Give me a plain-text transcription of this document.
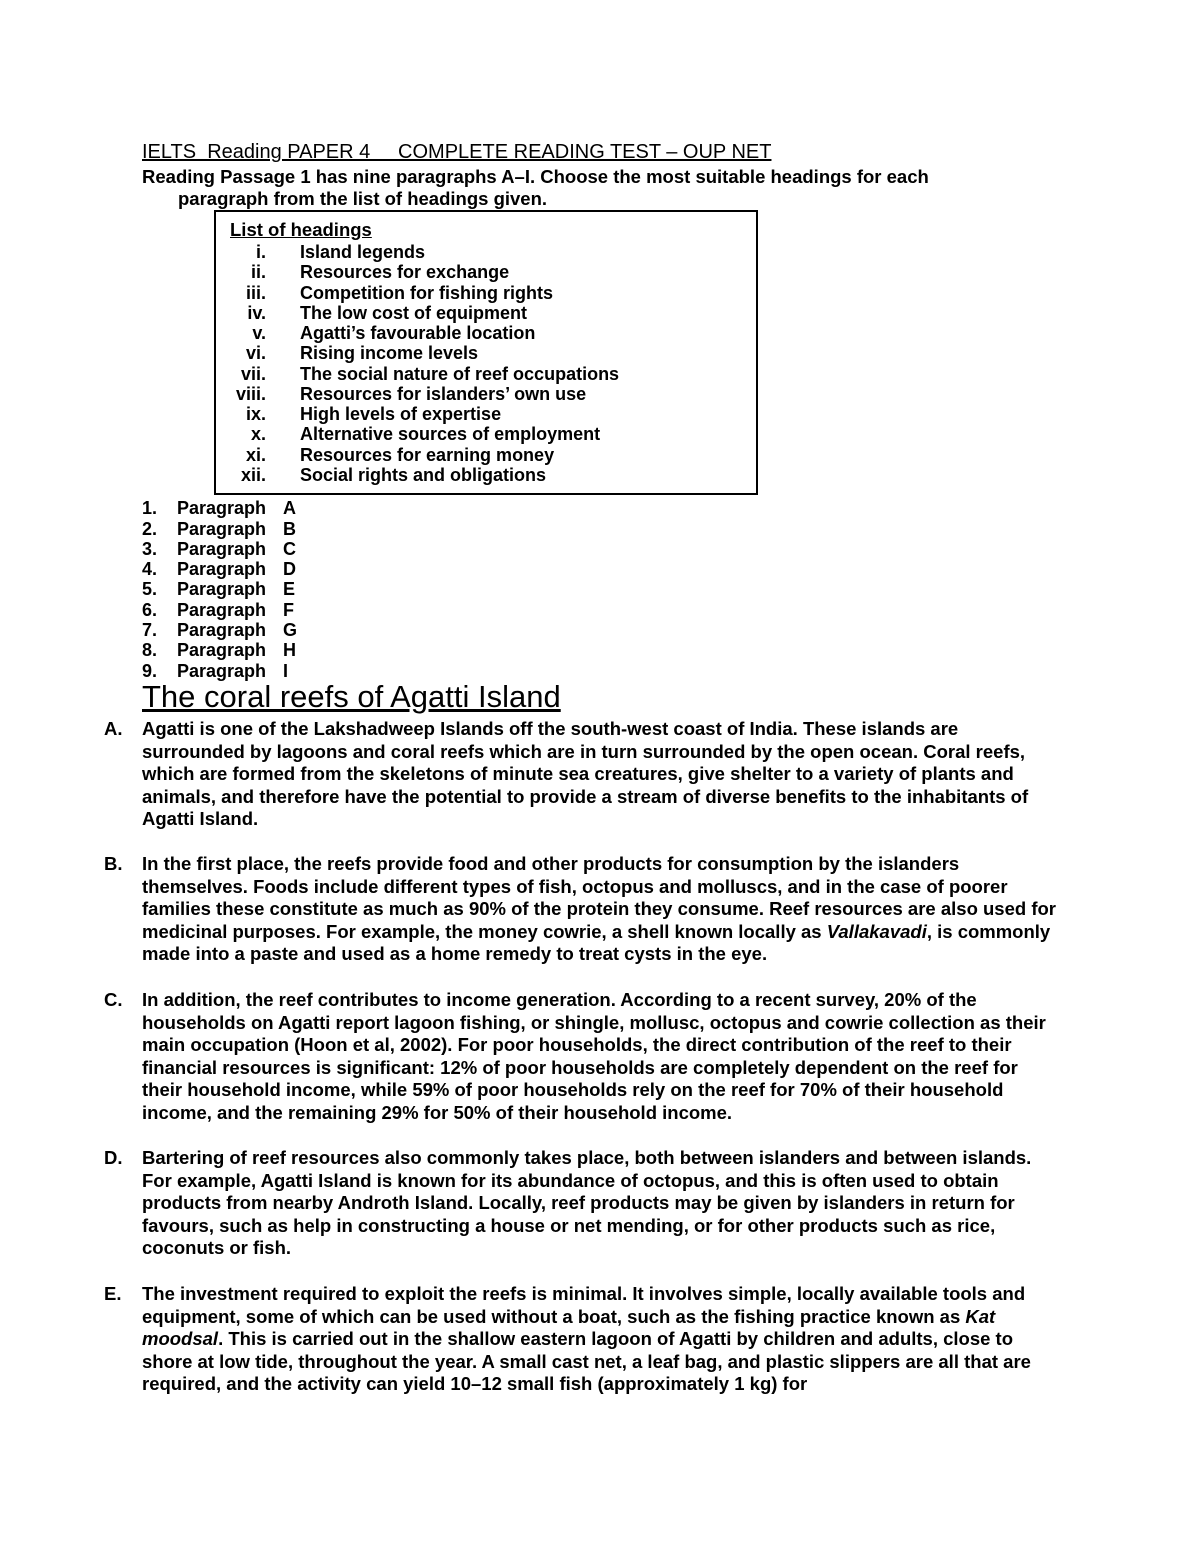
IELTS  Reading PAPER 4     COMPLETE READING TEST – OUP NET
Reading Passage 1 has nine paragraphs A–I. Choose the most suitable headings for each
paragraph from the list of headings given.
List of headings
i. Island legends
ii. Resources for exchange
iii. Competition for fishing rights
iv. The low cost of equipment
v. Agatti’s favourable location
vi. Rising income levels
vii. The social nature of reef occupations
viii. Resources for islanders’ own use
ix. High levels of expertise
x. Alternative sources of employment
xi. Resources for earning money
xii. Social rights and obligations
1. Paragraph A
2. Paragraph B
3. Paragraph C
4. Paragraph D
5. Paragraph E
6. Paragraph F
7. Paragraph G
8. Paragraph H
9. Paragraph I
The coral reefs of Agatti Island
A. Agatti is one of the Lakshadweep Islands off the south-west coast of India. These islands are surrounded by lagoons and coral reefs which are in turn surrounded by the open ocean. Coral reefs, which are formed from the skeletons of minute sea creatures, give shelter to a variety of plants and animals, and therefore have the potential to provide a stream of diverse benefits to the inhabitants of Agatti Island.
B. In the first place, the reefs provide food and other products for consumption by the islanders themselves. Foods include different types of fish, octopus and molluscs, and in the case of poorer families these constitute as much as 90% of the protein they consume. Reef resources are also used for medicinal purposes. For example, the money cowrie, a shell known locally as Vallakavadi, is commonly made into a paste and used as a home remedy to treat cysts in the eye.
C. In addition, the reef contributes to income generation. According to a recent survey, 20% of the households on Agatti report lagoon fishing, or shingle, mollusc, octopus and cowrie collection as their main occupation (Hoon et al, 2002). For poor households, the direct contribution of the reef to their financial resources is significant: 12% of poor households are completely dependent on the reef for their household income, while 59% of poor households rely on the reef for 70% of their household income, and the remaining 29% for 50% of their household income.
D. Bartering of reef resources also commonly takes place, both between islanders and between islands. For example, Agatti Island is known for its abundance of octopus, and this is often used to obtain products from nearby Androth Island. Locally, reef products may be given by islanders in return for favours, such as help in constructing a house or net mending, or for other products such as rice, coconuts or fish.
E. The investment required to exploit the reefs is minimal. It involves simple, locally available tools and equipment, some of which can be used without a boat, such as the fishing practice known as Kat moodsal. This is carried out in the shallow eastern lagoon of Agatti by children and adults, close to shore at low tide, throughout the year. A small cast net, a leaf bag, and plastic slippers are all that are required, and the activity can yield 10–12 small fish (approximately 1 kg) for
